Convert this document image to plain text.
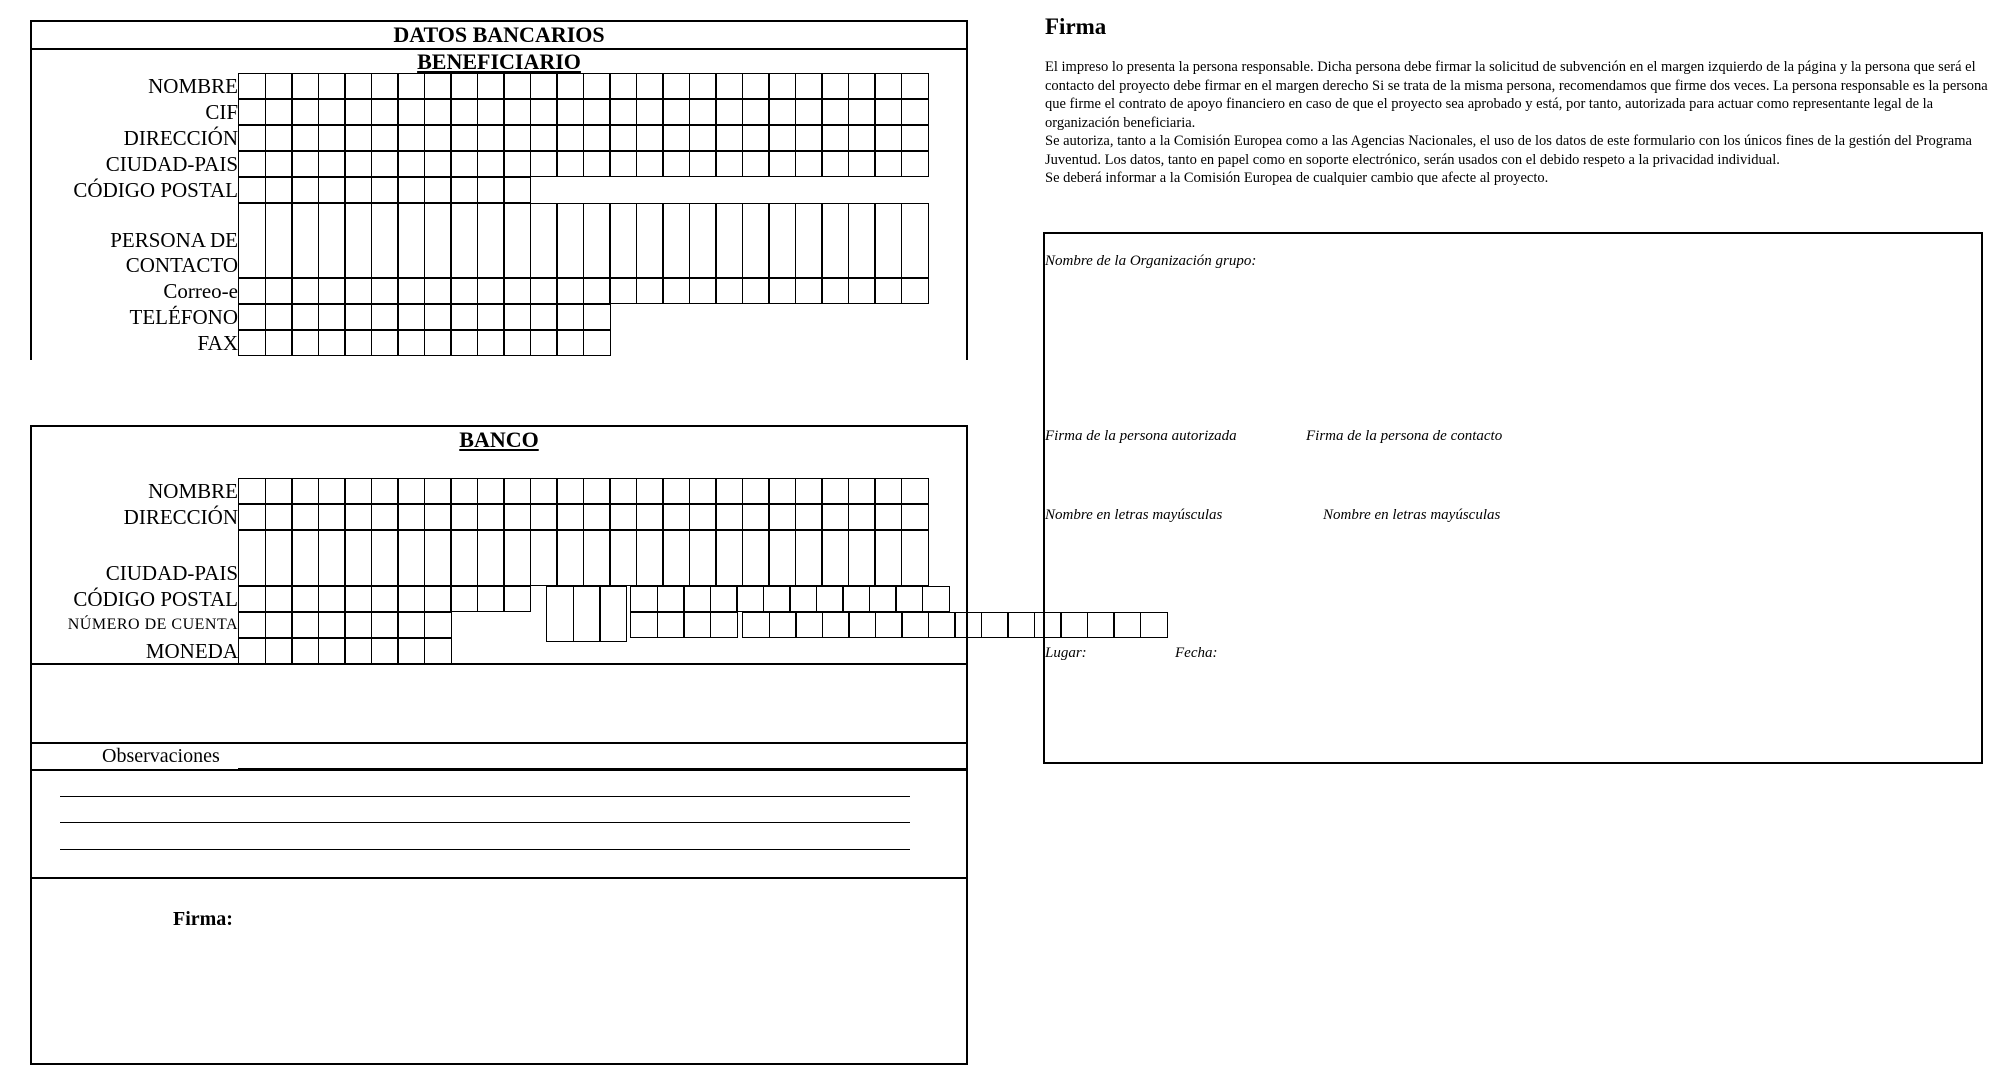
DATOS BANCARIOS
BENEFICIARIO
NOMBRE
CIF
DIRECCIÓN
CIUDAD-PAIS
CÓDIGO POSTAL
PERSONA DE
CONTACTO
Correo-e
TELÉFONO
FAX
BANCO
NOMBRE
DIRECCIÓN
CIUDAD-PAIS
CÓDIGO POSTAL
NÚMERO DE CUENTA
MONEDA
Observaciones
Firma:
Firma

El impreso lo presenta la persona responsable. Dicha persona debe firmar la solicitud de subvención en el margen izquierdo de la página y la persona que será el contacto del proyecto debe firmar en el margen derecho Si se trata de la misma persona, recomendamos que firme dos veces. La persona responsable es la persona que firme el contrato de apoyo financiero en caso de que el proyecto sea aprobado y está, por tanto, autorizada para actuar como representante legal de la organización beneficiaria.

Se autoriza, tanto a la Comisión Europea como a las Agencias Nacionales, el uso de los datos de este formulario con los únicos fines de la gestión del Programa Juventud. Los datos, tanto en papel como en soporte electrónico, serán usados con el debido respeto a la privacidad individual.

Se deberá informar a la Comisión Europea de cualquier cambio que afecte al proyecto.

Nombre de la Organización grupo:
Firma de la persona autorizada	Firma de la persona de contacto
Nombre en letras mayúsculas	Nombre en letras mayúsculas
Lugar:	Fecha:
